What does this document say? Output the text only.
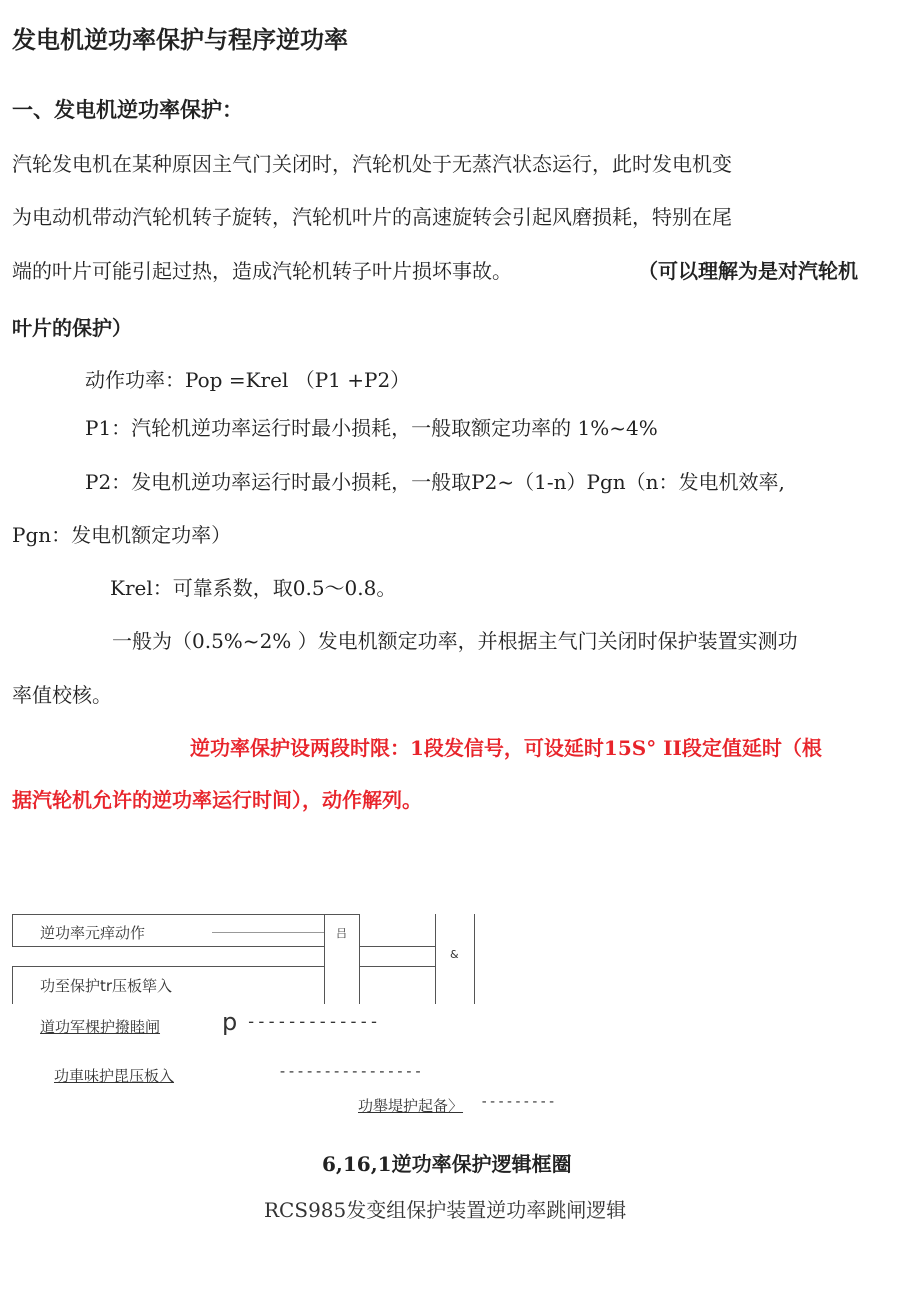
发电机逆功率保护与程序逆功率
一、发电机逆功率保护：
汽轮发电机在某种原因主气门关闭时，汽轮机处于无蒸汽状态运行，此时发电机变
为电动机带动汽轮机转子旋转，汽轮机叶片的高速旋转会引起风磨损耗，特别在尾
端的叶片可能引起过热，造成汽轮机转子叶片损坏事故。	（可以理解为是对汽轮机
叶片的保护）
动作功率：Pop =Krel （P1 +P2）
P1：汽轮机逆功率运行时最小损耗，一般取额定功率的 1%~4%
P2：发电机逆功率运行时最小损耗，一般取P2~（1-n）Pgn（n：发电机效率,
Pgn：发电机额定功率）
Krel：可靠系数，取0.5～0.8。
一般为（0.5%~2% ）发电机额定功率，并根据主气门关闭时保护装置实测功
率值校核。
逆功率保护设两段时限：1段发信号，可设延时15S° II段定值延时（根
据汽轮机允许的逆功率运行时间），动作解列。
逆功率元痒动作
功至保护tr压板筚入
吕
&
道功军棵护撥睦闸	p -------------
功車味护毘压板入	----------------
功舉堤护起备〉 ---------
6,16,1逆功率保护逻辑框圈
RCS985发变组保护装置逆功率跳闸逻辑
